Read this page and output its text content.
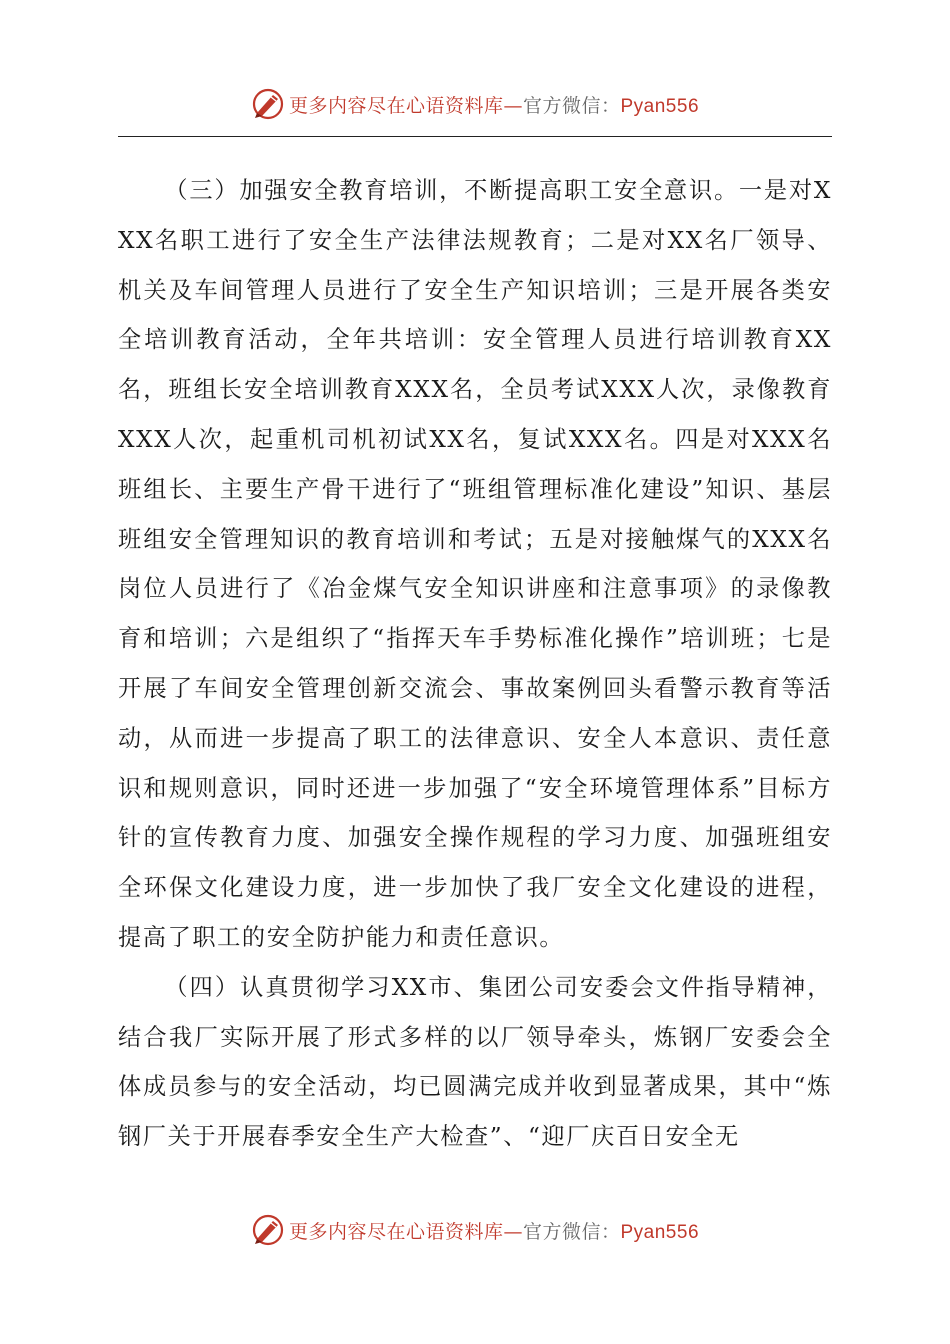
更多内容尽在心语资料库—官方微信：Pyan556

（三）加强安全教育培训，不断提高职工安全意识。一是对XXX名职工进行了安全生产法律法规教育；二是对XX名厂领导、机关及车间管理人员进行了安全生产知识培训；三是开展各类安全培训教育活动，全年共培训：安全管理人员进行培训教育XX名，班组长安全培训教育XXX名，全员考试XXX人次，录像教育XXX人次，起重机司机初试XX名，复试XXX名。四是对XXX名班组长、主要生产骨干进行了“班组管理标准化建设”知识、基层班组安全管理知识的教育培训和考试；五是对接触煤气的XXX名岗位人员进行了《冶金煤气安全知识讲座和注意事项》的录像教育和培训；六是组织了“指挥天车手势标准化操作”培训班；七是开展了车间安全管理创新交流会、事故案例回头看警示教育等活动，从而进一步提高了职工的法律意识、安全人本意识、责任意识和规则意识，同时还进一步加强了“安全环境管理体系”目标方针的宣传教育力度、加强安全操作规程的学习力度、加强班组安全环保文化建设力度，进一步加快了我厂安全文化建设的进程，提高了职工的安全防护能力和责任意识。

（四）认真贯彻学习XX市、集团公司安委会文件指导精神，结合我厂实际开展了形式多样的以厂领导牵头，炼钢厂安委会全体成员参与的安全活动，均已圆满完成并收到显著成果，其中“炼钢厂关于开展春季安全生产大检查”、“迎厂庆百日安全无

更多内容尽在心语资料库—官方微信：Pyan556
